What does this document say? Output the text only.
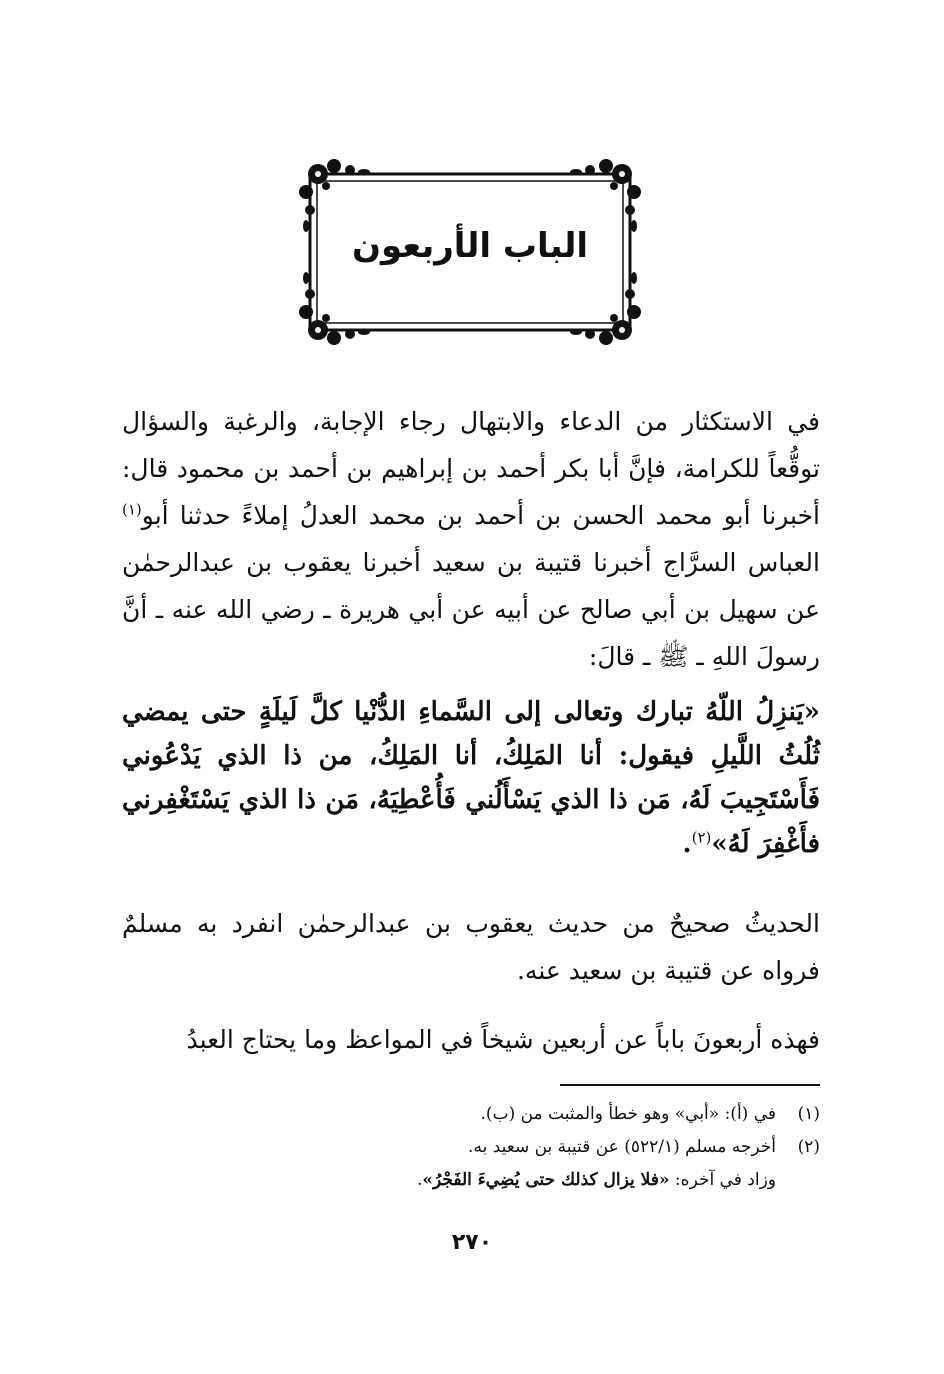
الباب الأربعون

في الاستكثار من الدعاء والابتهال رجاء الإجابة، والرغبة والسؤال توقُّعاً للكرامة، فإنَّ أبا بكر أحمد بن إبراهيم بن أحمد بن محمود قال: أخبرنا أبو محمد الحسن بن أحمد بن محمد العدلُ إملاءً حدثنا أبو$^{(١)}$ العباس السرَّاج أخبرنا قتيبة بن سعيد أخبرنا يعقوب بن عبدالرحمٰن عن سهيل بن أبي صالح عن أبيه عن أبي هريرة ـ رضي الله عنه ـ أنَّ رسولَ اللهِ ـ ﷺ ـ قالَ:

«يَنزِلُ اللّهُ تبارك وتعالى إلى السَّماءِ الدُّنْيا كلَّ لَيلَةٍ حتى يمضي ثُلُثُ اللَّيلِ فيقول: أنا المَلِكُ، أنا المَلِكُ، من ذا الذي يَدْعُوني فَأَسْتَجِيبَ لَهُ، مَن ذا الذي يَسْأَلُني فَأُعْطِيَهُ، مَن ذا الذي يَسْتَغْفِرني فأَغْفِرَ لَهُ»$^{(٢)}$.

الحديثُ صحيحٌ من حديث يعقوب بن عبدالرحمٰن انفرد به مسلمٌ فرواه عن قتيبة بن سعيد عنه.

فهذه أربعونَ باباً عن أربعين شيخاً في المواعظ وما يحتاج العبدُ

(١)في (أ): «أبي» وهو خطأ والمثبت من (ب).
(٢)أخرجه مسلم (٥٢٢/١) عن قتيبة بن سعيد به.
وزاد في آخره: «فلا يزال كذلك حتى يُضِيءَ الفَجْرُ».
٢٧٠
